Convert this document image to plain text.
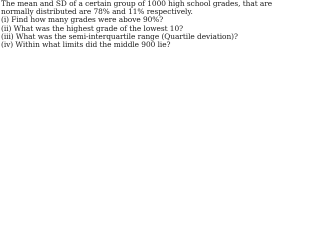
The mean and SD of a certain group of 1000 high school grades, that are
normally distributed are 78% and 11% respectively.
(i) Find how many grades were above 90%?
(ii) What was the highest grade of the lowest 10?
(iii) What was the semi-interquartile range (Quartile deviation)?
(iv) Within what limits did the middle 900 lie?
